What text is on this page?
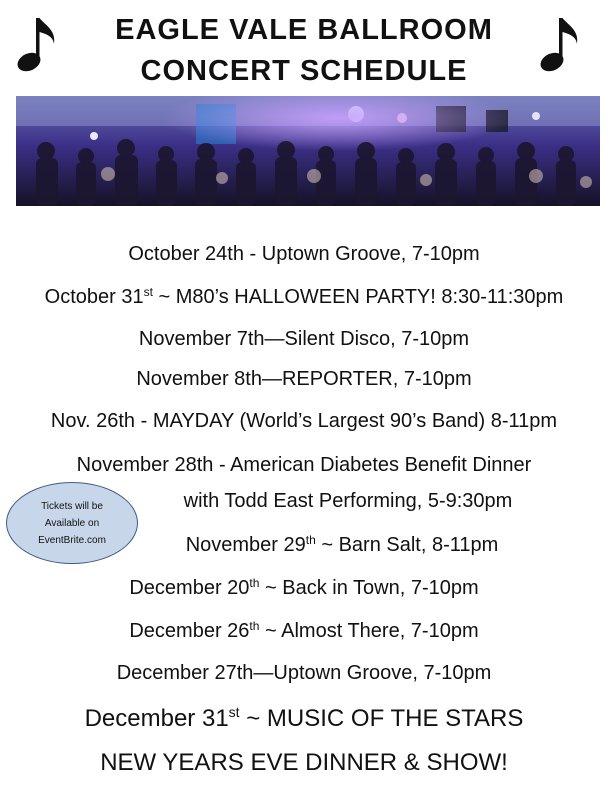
EAGLE VALE BALLROOM
CONCERT SCHEDULE
October 24th - Uptown Groove, 7-10pm
October 31st ~ M80’s HALLOWEEN PARTY! 8:30-11:30pm
November 7th—Silent Disco, 7-10pm
November 8th—REPORTER, 7-10pm
Nov. 26th - MAYDAY (World’s Largest 90’s Band) 8-11pm
November 28th - American Diabetes Benefit Dinner
with Todd East Performing, 5-9:30pm
November 29th ~ Barn Salt, 8-11pm
December 20th ~ Back in Town, 7-10pm
December 26th ~ Almost There, 7-10pm
December 27th—Uptown Groove, 7-10pm
December 31st ~ MUSIC OF THE STARS
NEW YEARS EVE DINNER & SHOW!
Tickets will be
Available on
EventBrite.com
